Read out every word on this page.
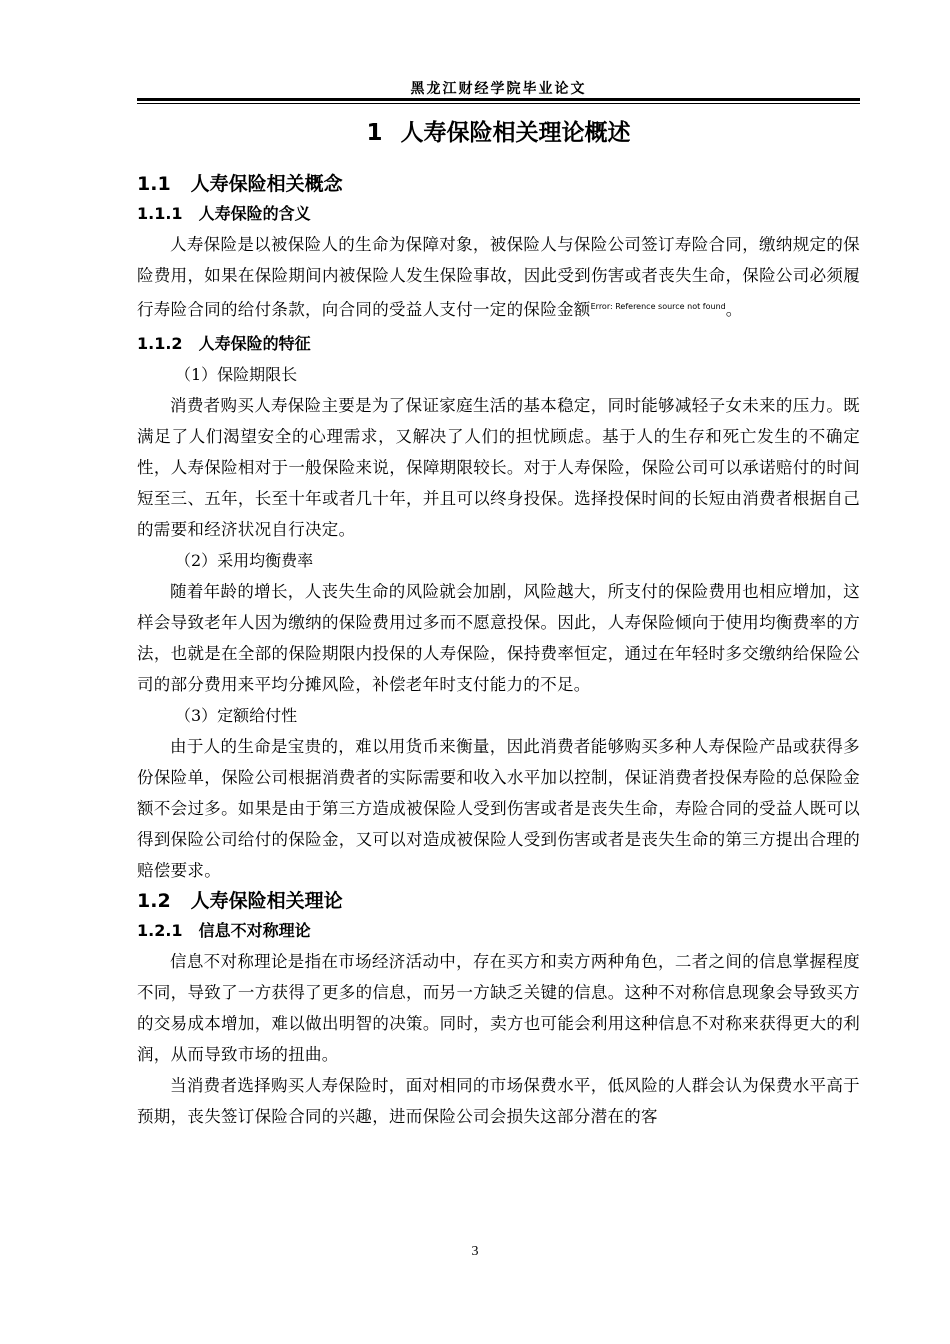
黑龙江财经学院毕业论文
1 人寿保险相关理论概述
1.1 人寿保险相关概念
1.1.1 人寿保险的含义

人寿保险是以被保险人的生命为保障对象，被保险人与保险公司签订寿险合同，缴纳规定的保险费用，如果在保险期间内被保险人发生保险事故，因此受到伤害或者丧失生命，保险公司必须履行寿险合同的给付条款，向合同的受益人支付一定的保险金额$^{Error: Reference source not found}$。

1.1.2 人寿保险的特征

（1）保险期限长

消费者购买人寿保险主要是为了保证家庭生活的基本稳定，同时能够减轻子女未来的压力。既满足了人们渴望安全的心理需求，又解决了人们的担忧顾虑。基于人的生存和死亡发生的不确定性，人寿保险相对于一般保险来说，保障期限较长。对于人寿保险，保险公司可以承诺赔付的时间短至三、五年，长至十年或者几十年，并且可以终身投保。选择投保时间的长短由消费者根据自己的需要和经济状况自行决定。

（2）采用均衡费率

随着年龄的增长，人丧失生命的风险就会加剧，风险越大，所支付的保险费用也相应增加，这样会导致老年人因为缴纳的保险费用过多而不愿意投保。因此，人寿保险倾向于使用均衡费率的方法，也就是在全部的保险期限内投保的人寿保险，保持费率恒定，通过在年轻时多交缴纳给保险公司的部分费用来平均分摊风险，补偿老年时支付能力的不足。

（3）定额给付性

由于人的生命是宝贵的，难以用货币来衡量，因此消费者能够购买多种人寿保险产品或获得多份保险单，保险公司根据消费者的实际需要和收入水平加以控制，保证消费者投保寿险的总保险金额不会过多。如果是由于第三方造成被保险人受到伤害或者是丧失生命，寿险合同的受益人既可以得到保险公司给付的保险金，又可以对造成被保险人受到伤害或者是丧失生命的第三方提出合理的赔偿要求。

1.2 人寿保险相关理论
1.2.1 信息不对称理论

信息不对称理论是指在市场经济活动中，存在买方和卖方两种角色，二者之间的信息掌握程度不同，导致了一方获得了更多的信息，而另一方缺乏关键的信息。这种不对称信息现象会导致买方的交易成本增加，难以做出明智的决策。同时，卖方也可能会利用这种信息不对称来获得更大的利润，从而导致市场的扭曲。

当消费者选择购买人寿保险时，面对相同的市场保费水平，低风险的人群会认为保费水平高于预期，丧失签订保险合同的兴趣，进而保险公司会损失这部分潜在的客

3
